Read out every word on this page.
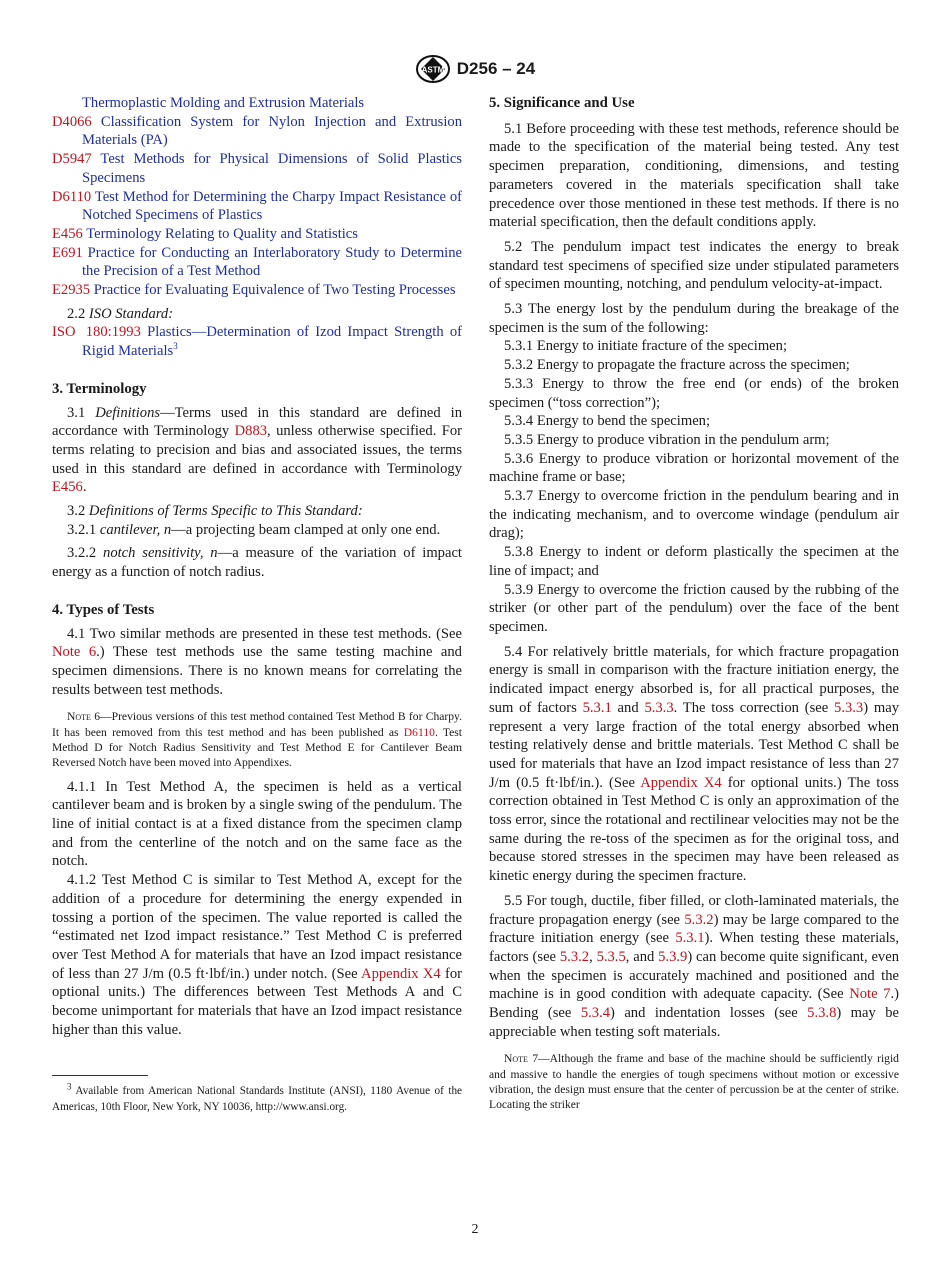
ASTM D256 – 24
Thermoplastic Molding and Extrusion Materials
D4066 Classification System for Nylon Injection and Extrusion Materials (PA)
D5947 Test Methods for Physical Dimensions of Solid Plastics Specimens
D6110 Test Method for Determining the Charpy Impact Resistance of Notched Specimens of Plastics
E456 Terminology Relating to Quality and Statistics
E691 Practice for Conducting an Interlaboratory Study to Determine the Precision of a Test Method
E2935 Practice for Evaluating Equivalence of Two Testing Processes

2.2 ISO Standard:

ISO 180:1993 Plastics—Determination of Izod Impact Strength of Rigid Materials$^3$
3. Terminology

3.1 Definitions—Terms used in this standard are defined in accordance with Terminology D883, unless otherwise specified. For terms relating to precision and bias and associated issues, the terms used in this standard are defined in accordance with Terminology E456.

3.2 Definitions of Terms Specific to This Standard:

3.2.1 cantilever, n—a projecting beam clamped at only one end.

3.2.2 notch sensitivity, n—a measure of the variation of impact energy as a function of notch radius.

4. Types of Tests

4.1 Two similar methods are presented in these test methods. (See Note 6.) These test methods use the same testing machine and specimen dimensions. There is no known means for correlating the results between test methods.

Note 6—Previous versions of this test method contained Test Method B for Charpy. It has been removed from this test method and has been published as D6110. Test Method D for Notch Radius Sensitivity and Test Method E for Cantilever Beam Reversed Notch have been moved into Appendixes.

4.1.1 In Test Method A, the specimen is held as a vertical cantilever beam and is broken by a single swing of the pendulum. The line of initial contact is at a fixed distance from the specimen clamp and from the centerline of the notch and on the same face as the notch.

4.1.2 Test Method C is similar to Test Method A, except for the addition of a procedure for determining the energy expended in tossing a portion of the specimen. The value reported is called the “estimated net Izod impact resistance.” Test Method C is preferred over Test Method A for materials that have an Izod impact resistance of less than 27 J/m (0.5 ft·lbf/in.) under notch. (See Appendix X4 for optional units.) The differences between Test Methods A and C become unimportant for materials that have an Izod impact resistance higher than this value.

$^3$ Available from American National Standards Institute (ANSI), 1180 Avenue of the Americas, 10th Floor, New York, NY 10036, http://www.ansi.org.

5. Significance and Use

5.1 Before proceeding with these test methods, reference should be made to the specification of the material being tested. Any test specimen preparation, conditioning, dimensions, and testing parameters covered in the materials specification shall take precedence over those mentioned in these test methods. If there is no material specification, then the default conditions apply.

5.2 The pendulum impact test indicates the energy to break standard test specimens of specified size under stipulated parameters of specimen mounting, notching, and pendulum velocity-at-impact.

5.3 The energy lost by the pendulum during the breakage of the specimen is the sum of the following:

5.3.1 Energy to initiate fracture of the specimen;

5.3.2 Energy to propagate the fracture across the specimen;

5.3.3 Energy to throw the free end (or ends) of the broken specimen (“toss correction”);

5.3.4 Energy to bend the specimen;

5.3.5 Energy to produce vibration in the pendulum arm;

5.3.6 Energy to produce vibration or horizontal movement of the machine frame or base;

5.3.7 Energy to overcome friction in the pendulum bearing and in the indicating mechanism, and to overcome windage (pendulum air drag);

5.3.8 Energy to indent or deform plastically the specimen at the line of impact; and

5.3.9 Energy to overcome the friction caused by the rubbing of the striker (or other part of the pendulum) over the face of the bent specimen.

5.4 For relatively brittle materials, for which fracture propagation energy is small in comparison with the fracture initiation energy, the indicated impact energy absorbed is, for all practical purposes, the sum of factors 5.3.1 and 5.3.3. The toss correction (see 5.3.3) may represent a very large fraction of the total energy absorbed when testing relatively dense and brittle materials. Test Method C shall be used for materials that have an Izod impact resistance of less than 27 J/m (0.5 ft·lbf/in.). (See Appendix X4 for optional units.) The toss correction obtained in Test Method C is only an approximation of the toss error, since the rotational and rectilinear velocities may not be the same during the re-toss of the specimen as for the original toss, and because stored stresses in the specimen may have been released as kinetic energy during the specimen fracture.

5.5 For tough, ductile, fiber filled, or cloth-laminated materials, the fracture propagation energy (see 5.3.2) may be large compared to the fracture initiation energy (see 5.3.1). When testing these materials, factors (see 5.3.2, 5.3.5, and 5.3.9) can become quite significant, even when the specimen is accurately machined and positioned and the machine is in good condition with adequate capacity. (See Note 7.) Bending (see 5.3.4) and indentation losses (see 5.3.8) may be appreciable when testing soft materials.

Note 7—Although the frame and base of the machine should be sufficiently rigid and massive to handle the energies of tough specimens without motion or excessive vibration, the design must ensure that the center of percussion be at the center of strike. Locating the striker

2
